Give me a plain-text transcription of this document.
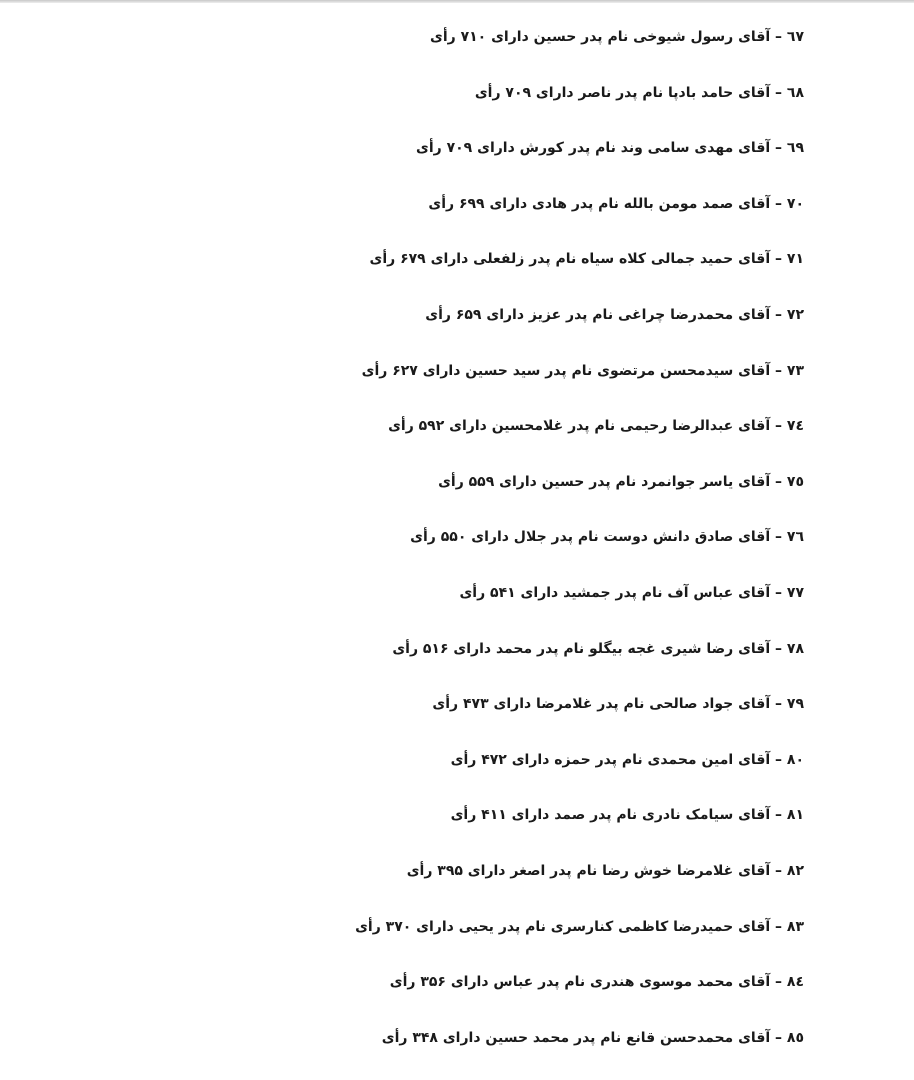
٦٧ – آقای رسول شیوخی نام پدر حسین دارای ۷۱۰ رأی
٦٨ – آقای حامد بادپا نام پدر ناصر دارای ۷۰۹ رأی
٦٩ – آقای مهدی سامی وند نام پدر کورش دارای ۷۰۹ رأی
٧٠ – آقای صمد مومن بالله نام پدر هادی دارای ۶۹۹ رأی
٧١ – آقای حمید جمالی کلاه سیاه نام پدر زلفعلی دارای ۶۷۹ رأی
٧٢ – آقای محمدرضا چراغی نام پدر عزیز دارای ۶۵۹ رأی
٧٣ – آقای سیدمحسن مرتضوی نام پدر سید حسین دارای ۶۲۷ رأی
٧٤ – آقای عبدالرضا رحیمی نام پدر غلامحسین دارای ۵۹۲ رأی
٧٥ – آقای یاسر جوانمرد نام پدر حسین دارای ۵۵۹ رأی
٧٦ – آقای صادق دانش دوست نام پدر جلال دارای ۵۵۰ رأی
٧٧ – آقای عباس آف نام پدر جمشید دارای ۵۴۱ رأی
٧٨ – آقای رضا شیری غجه بیگلو نام پدر محمد دارای ۵۱۶ رأی
٧٩ – آقای جواد صالحی نام پدر غلامرضا دارای ۴۷۳ رأی
٨٠ – آقای امین محمدی نام پدر حمزه دارای ۴۷۲ رأی
٨١ – آقای سیامک نادری نام پدر صمد دارای ۴۱۱ رأی
٨٢ – آقای غلامرضا خوش رضا نام پدر اصغر دارای ۳۹۵ رأی
٨٣ – آقای حمیدرضا کاظمی کنارسری نام پدر یحیی دارای ۳۷۰ رأی
٨٤ – آقای محمد موسوی هندری نام پدر عباس دارای ۳۵۶ رأی
٨٥ – آقای محمدحسن قانع نام پدر محمد حسین دارای ۳۴۸ رأی
